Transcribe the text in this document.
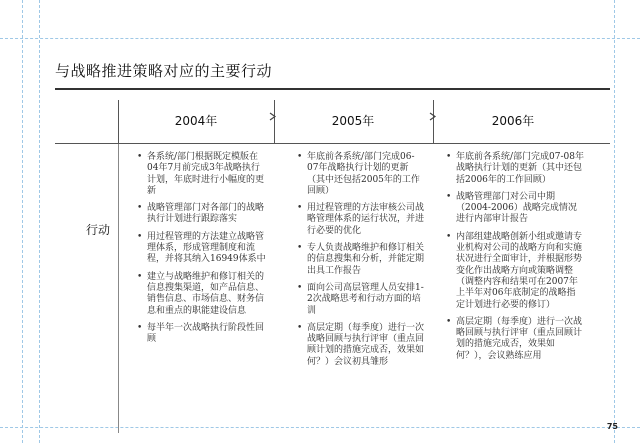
与战略推进策略对应的主要行动
2004年	2005年	2006年
行动
• 各系统/部门根据既定模版在04年7月前完成3年战略执行计划，年底时进行小幅度的更新
• 战略管理部门对各部门的战略执行计划进行跟踪落实
• 用过程管理的方法建立战略管理体系，形成管理制度和流程，并将其纳入16949体系中
• 建立与战略维护和修订相关的信息搜集渠道，如产品信息、销售信息、市场信息、财务信息和重点的职能建设信息
• 每半年一次战略执行阶段性回顾
• 年底前各系统/部门完成06-07年战略执行计划的更新（其中还包括2005年的工作回顾）
• 用过程管理的方法审核公司战略管理体系的运行状况，并进行必要的优化
• 专人负责战略维护和修订相关的信息搜集和分析，并能定期出具工作报告
• 面向公司高层管理人员安排1-2次战略思考和行动方面的培训
• 高层定期（每季度）进行一次战略回顾与执行评审（重点回顾计划的措施完成否，效果如何？）会议初具雏形
• 年底前各系统/部门完成07-08年战略执行计划的更新（其中还包括2006年的工作回顾）
• 战略管理部门对公司中期（2004-2006）战略完成情况进行内部审计报告
• 内部组建战略创新小组或邀请专业机构对公司的战略方向和实施状况进行全面审计，并根据形势变化作出战略方向或策略调整（调整内容和结果可在2007年上半年对06年底制定的战略指定计划进行必要的修订）
• 高层定期（每季度）进行一次战略回顾与执行评审（重点回顾计划的措施完成否，效果如何？），会议熟练应用
75
